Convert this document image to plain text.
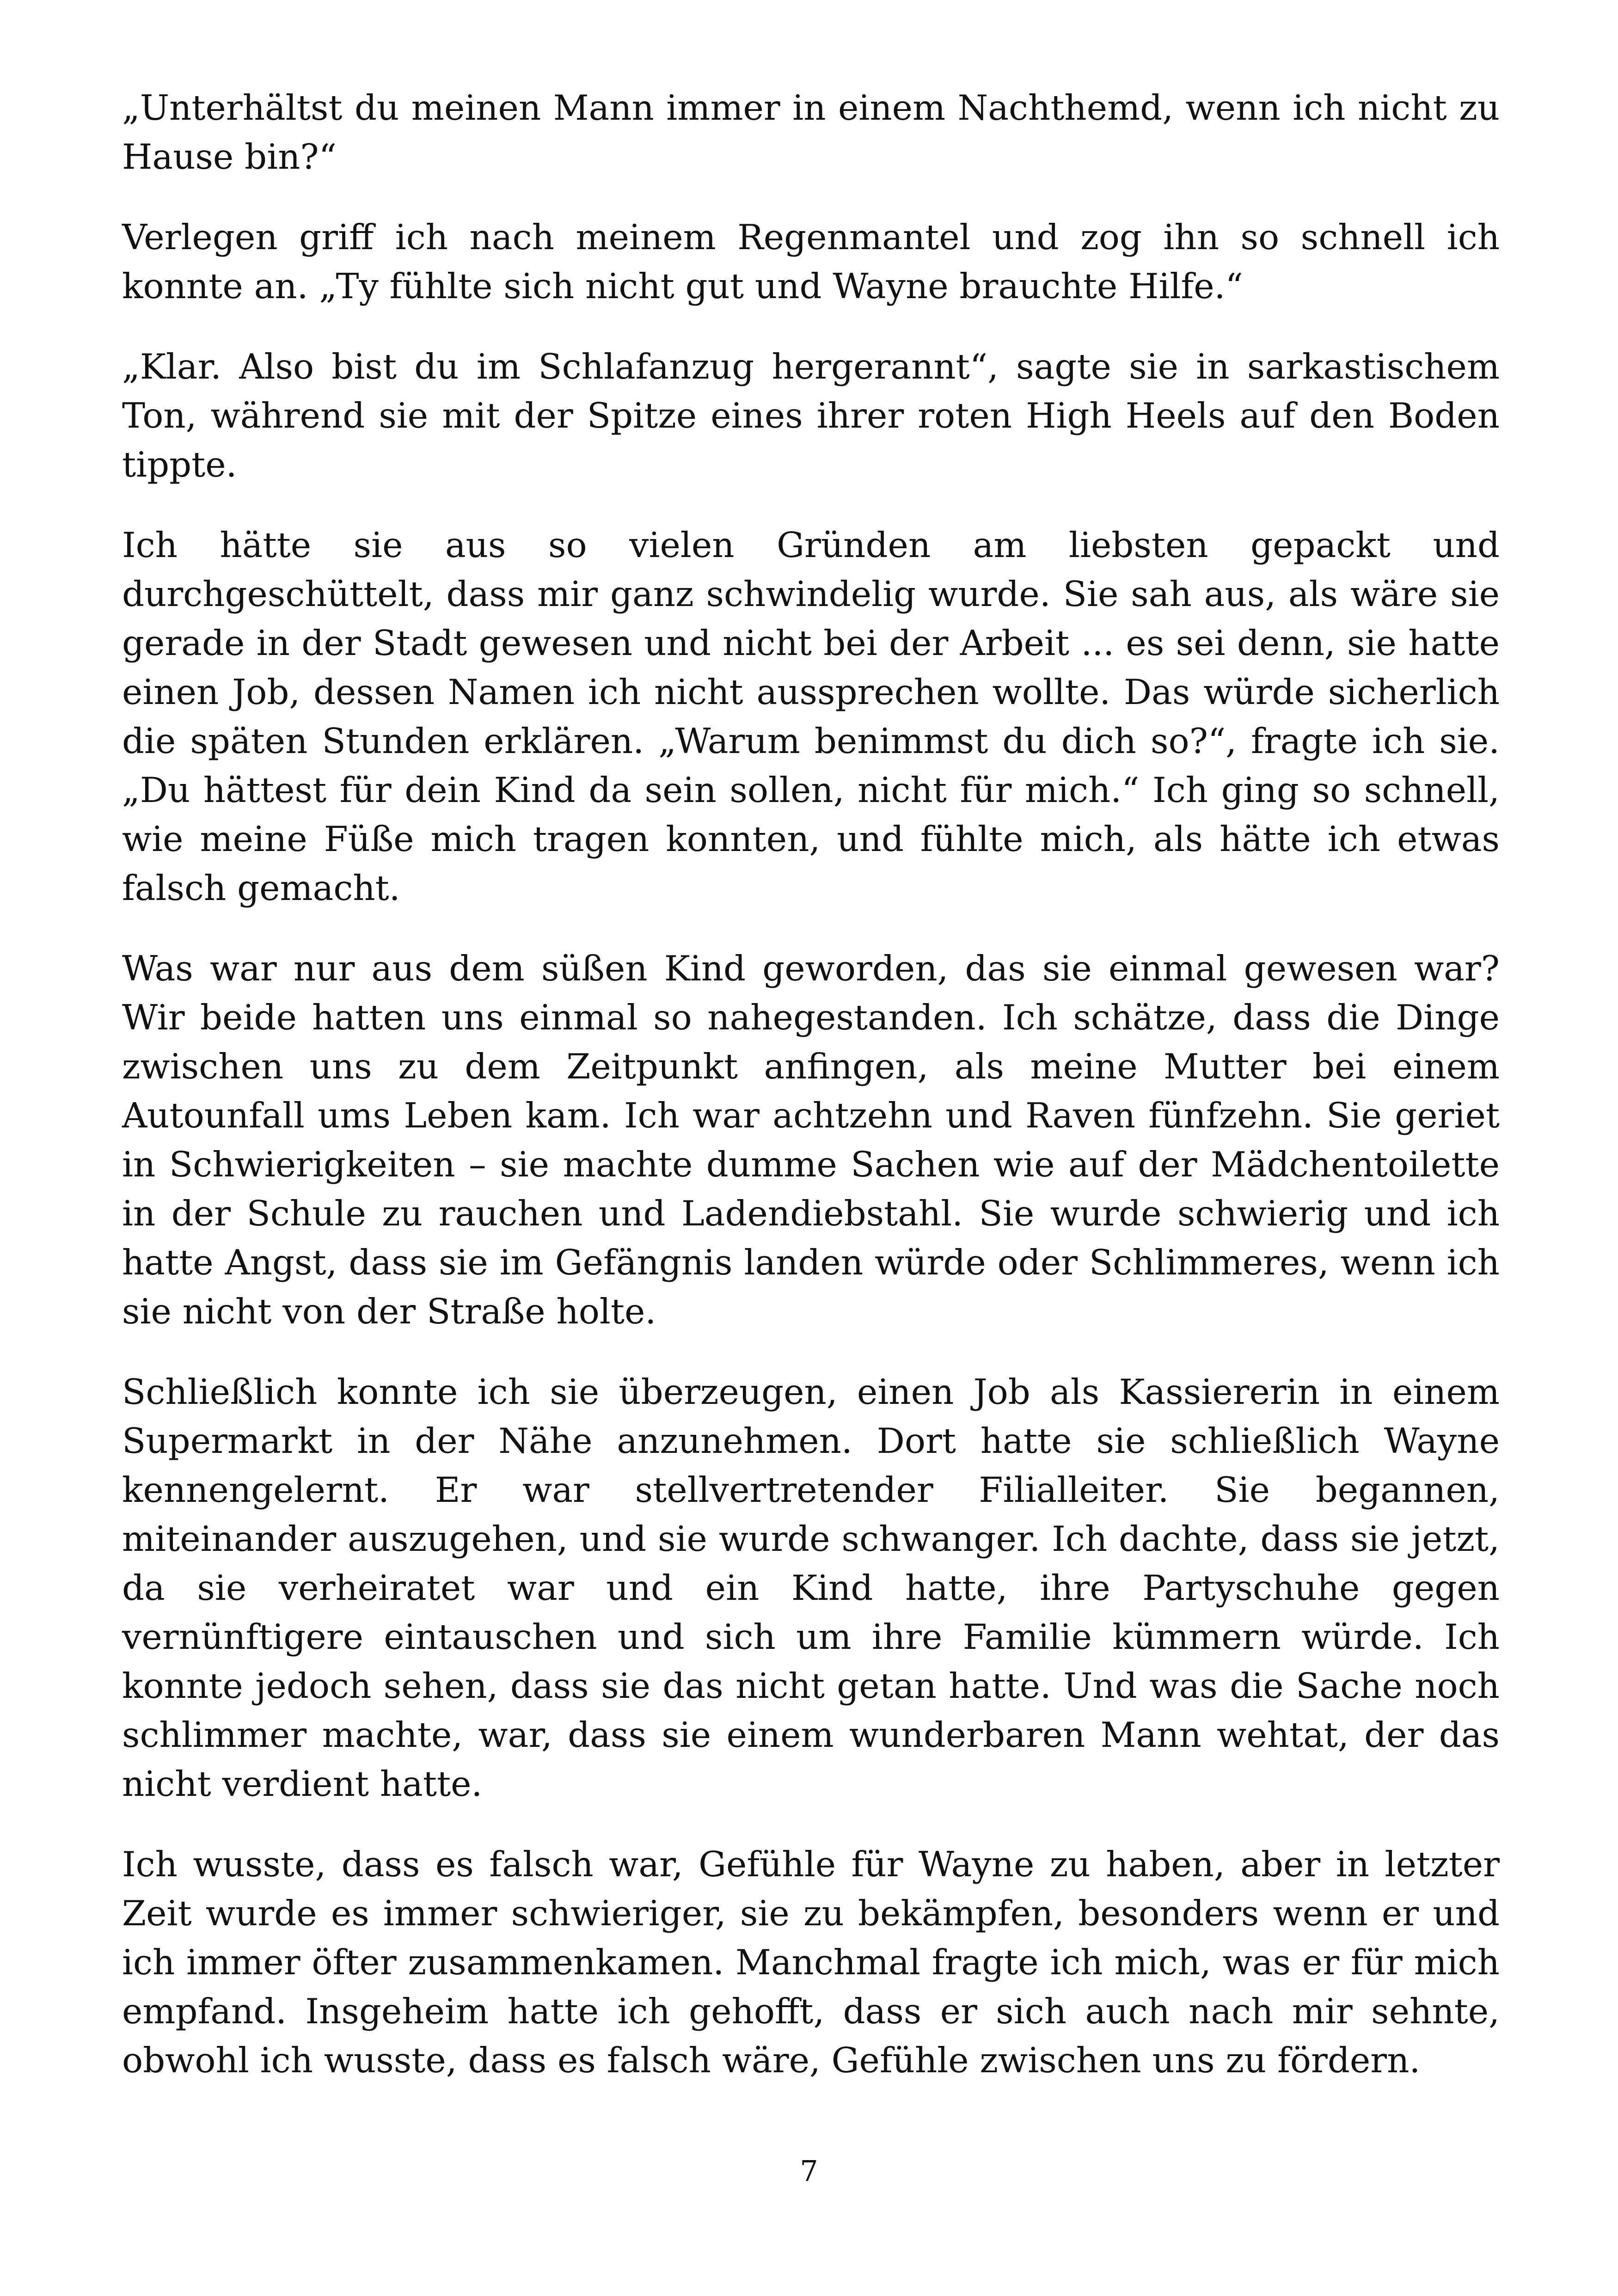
„Unterhältst du meinen Mann immer in einem Nachthemd, wenn ich nicht zu Hause bin?“

Verlegen griff ich nach meinem Regenmantel und zog ihn so schnell ich konnte an. „Ty fühlte sich nicht gut und Wayne brauchte Hilfe.“

„Klar. Also bist du im Schlafanzug hergerannt“, sagte sie in sarkastischem Ton, während sie mit der Spitze eines ihrer roten High Heels auf den Boden tippte.

Ich hätte sie aus so vielen Gründen am liebsten gepackt und durchgeschüttelt, dass mir ganz schwindelig wurde. Sie sah aus, als wäre sie gerade in der Stadt gewesen und nicht bei der Arbeit ... es sei denn, sie hatte einen Job, dessen Namen ich nicht aussprechen wollte. Das würde sicherlich die späten Stunden erklären. „Warum benimmst du dich so?“, fragte ich sie. „Du hättest für dein Kind da sein sollen, nicht für mich.“ Ich ging so schnell, wie meine Füße mich tragen konnten, und fühlte mich, als hätte ich etwas falsch gemacht.

Was war nur aus dem süßen Kind geworden, das sie einmal gewesen war? Wir beide hatten uns einmal so nahegestanden. Ich schätze, dass die Dinge zwischen uns zu dem Zeitpunkt anfingen, als meine Mutter bei einem Autounfall ums Leben kam. Ich war achtzehn und Raven fünfzehn. Sie geriet in Schwierigkeiten – sie machte dumme Sachen wie auf der Mädchentoilette in der Schule zu rauchen und Ladendiebstahl. Sie wurde schwierig und ich hatte Angst, dass sie im Gefängnis landen würde oder Schlimmeres, wenn ich sie nicht von der Straße holte.

Schließlich konnte ich sie überzeugen, einen Job als Kassiererin in einem Supermarkt in der Nähe anzunehmen. Dort hatte sie schließlich Wayne kennengelernt. Er war stellvertretender Filialleiter. Sie begannen, miteinander auszugehen, und sie wurde schwanger. Ich dachte, dass sie jetzt, da sie verheiratet war und ein Kind hatte, ihre Partyschuhe gegen vernünftigere eintauschen und sich um ihre Familie kümmern würde. Ich konnte jedoch sehen, dass sie das nicht getan hatte. Und was die Sache noch schlimmer machte, war, dass sie einem wunderbaren Mann wehtat, der das nicht verdient hatte.

Ich wusste, dass es falsch war, Gefühle für Wayne zu haben, aber in letzter Zeit wurde es immer schwieriger, sie zu bekämpfen, besonders wenn er und ich immer öfter zusammenkamen. Manchmal fragte ich mich, was er für mich empfand. Insgeheim hatte ich gehofft, dass er sich auch nach mir sehnte, obwohl ich wusste, dass es falsch wäre, Gefühle zwischen uns zu fördern.

7
